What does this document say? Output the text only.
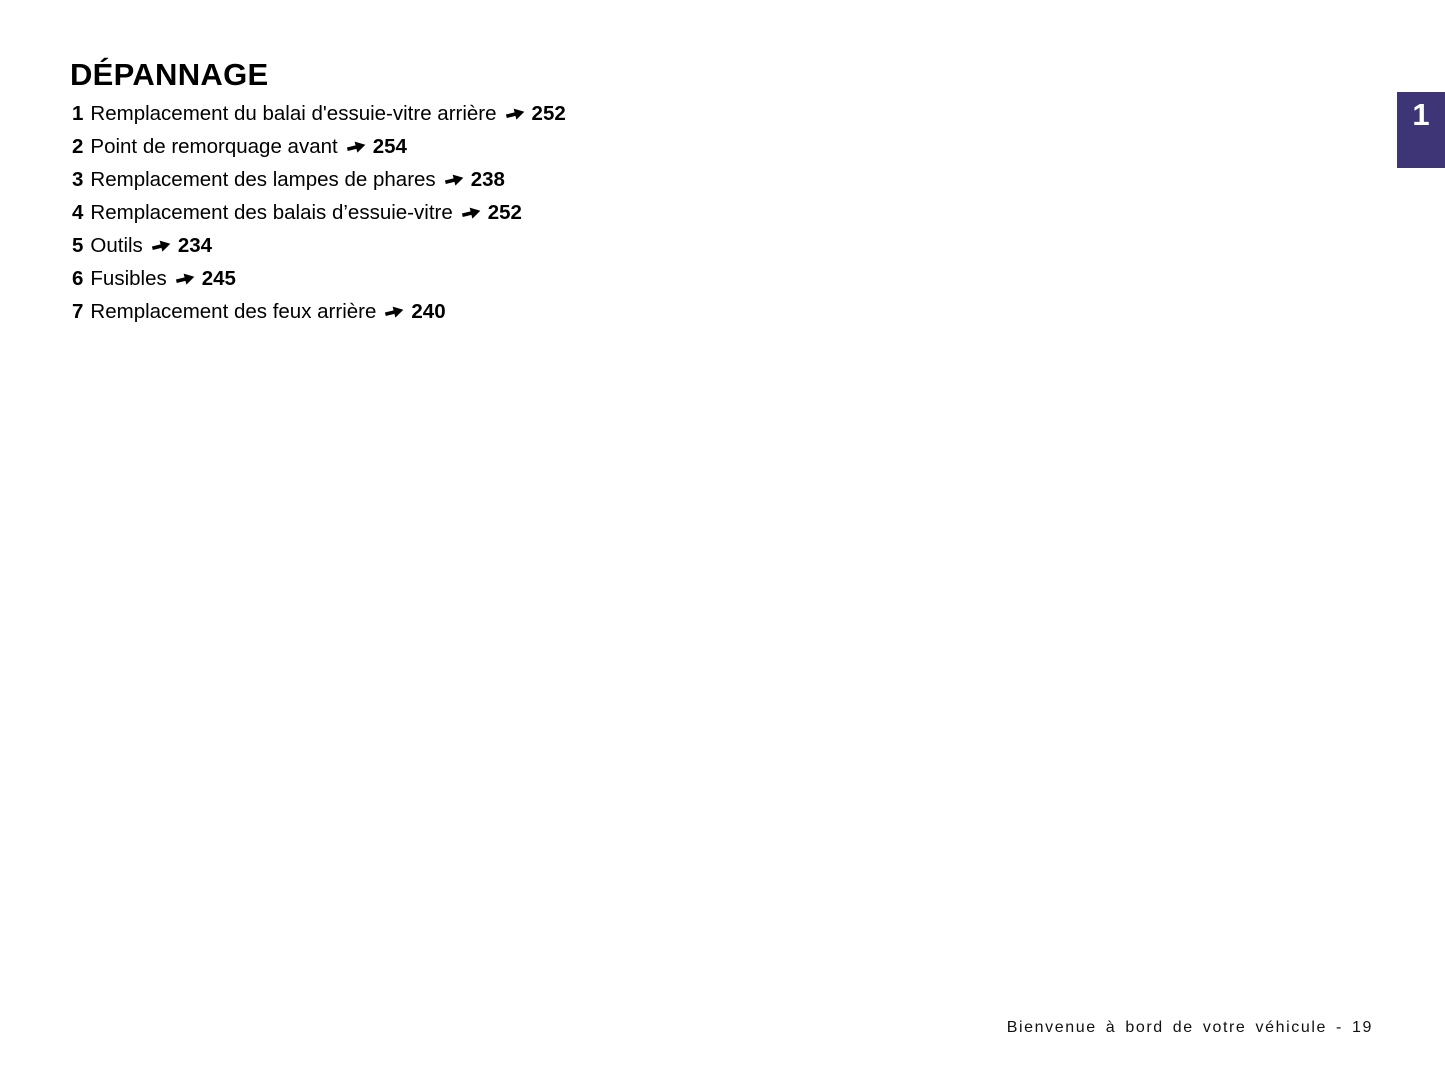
DÉPANNAGE
1 Remplacement du balai d'essuie-vitre arrière 252
2 Point de remorquage avant 254
3 Remplacement des lampes de phares 238
4 Remplacement des balais d’essuie-vitre 252
5 Outils 234
6 Fusibles 245
7 Remplacement des feux arrière 240
1
Bienvenue à bord de votre véhicule - 19
